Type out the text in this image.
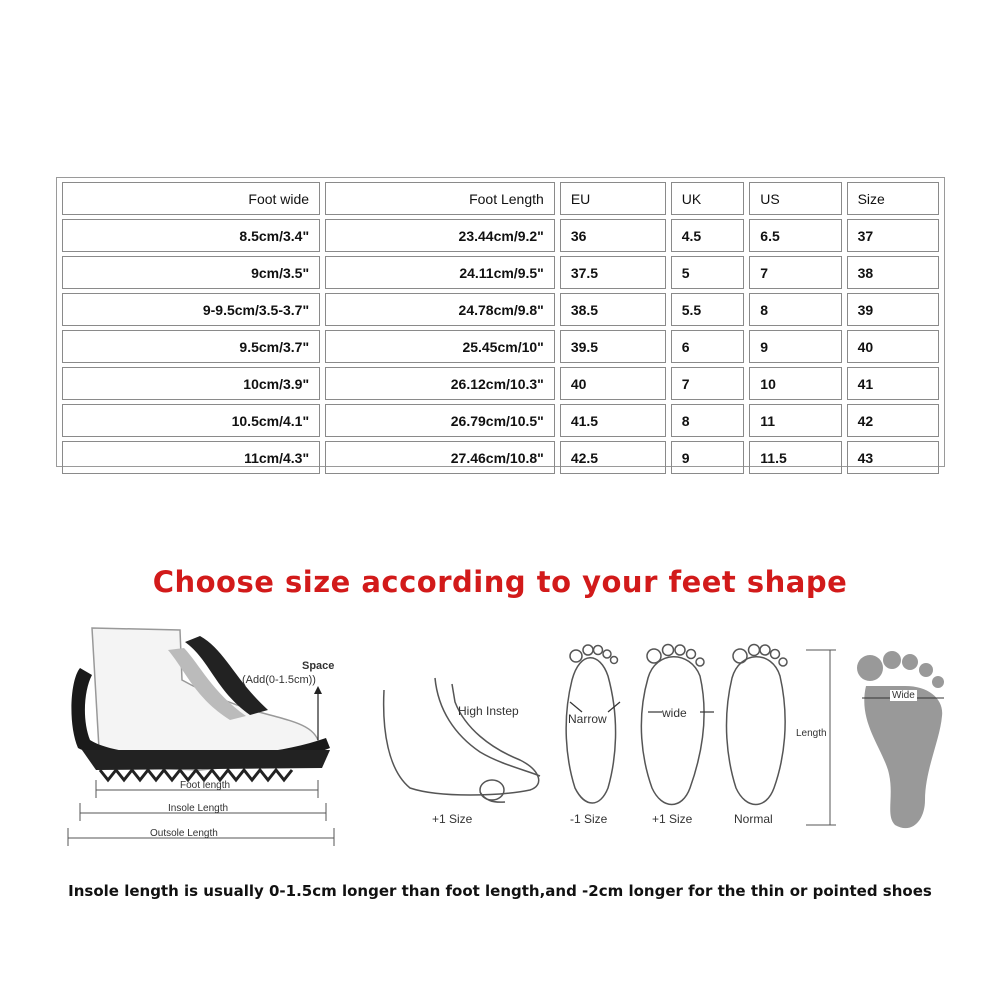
Foot wide	Foot Length	EU	UK	US	Size
8.5cm/3.4"	23.44cm/9.2"	36	4.5	6.5	37
9cm/3.5"	24.11cm/9.5"	37.5	5	7	38
9-9.5cm/3.5-3.7"	24.78cm/9.8"	38.5	5.5	8	39
9.5cm/3.7"	25.45cm/10"	39.5	6	9	40
10cm/3.9"	26.12cm/10.3"	40	7	10	41
10.5cm/4.1"	26.79cm/10.5"	41.5	8	11	42
11cm/4.3"	27.46cm/10.8"	42.5	9	11.5	43
Choose size according to your feet shape
Space
(Add(0-1.5cm))
Foot length
Insole Length
Outsole Length
High Instep
+1 Size
Narrow
-1 Size
wide
+1 Size	Normal
Length
Wide
Insole length is usually 0-1.5cm longer than foot length,and -2cm longer for the thin or pointed shoes
